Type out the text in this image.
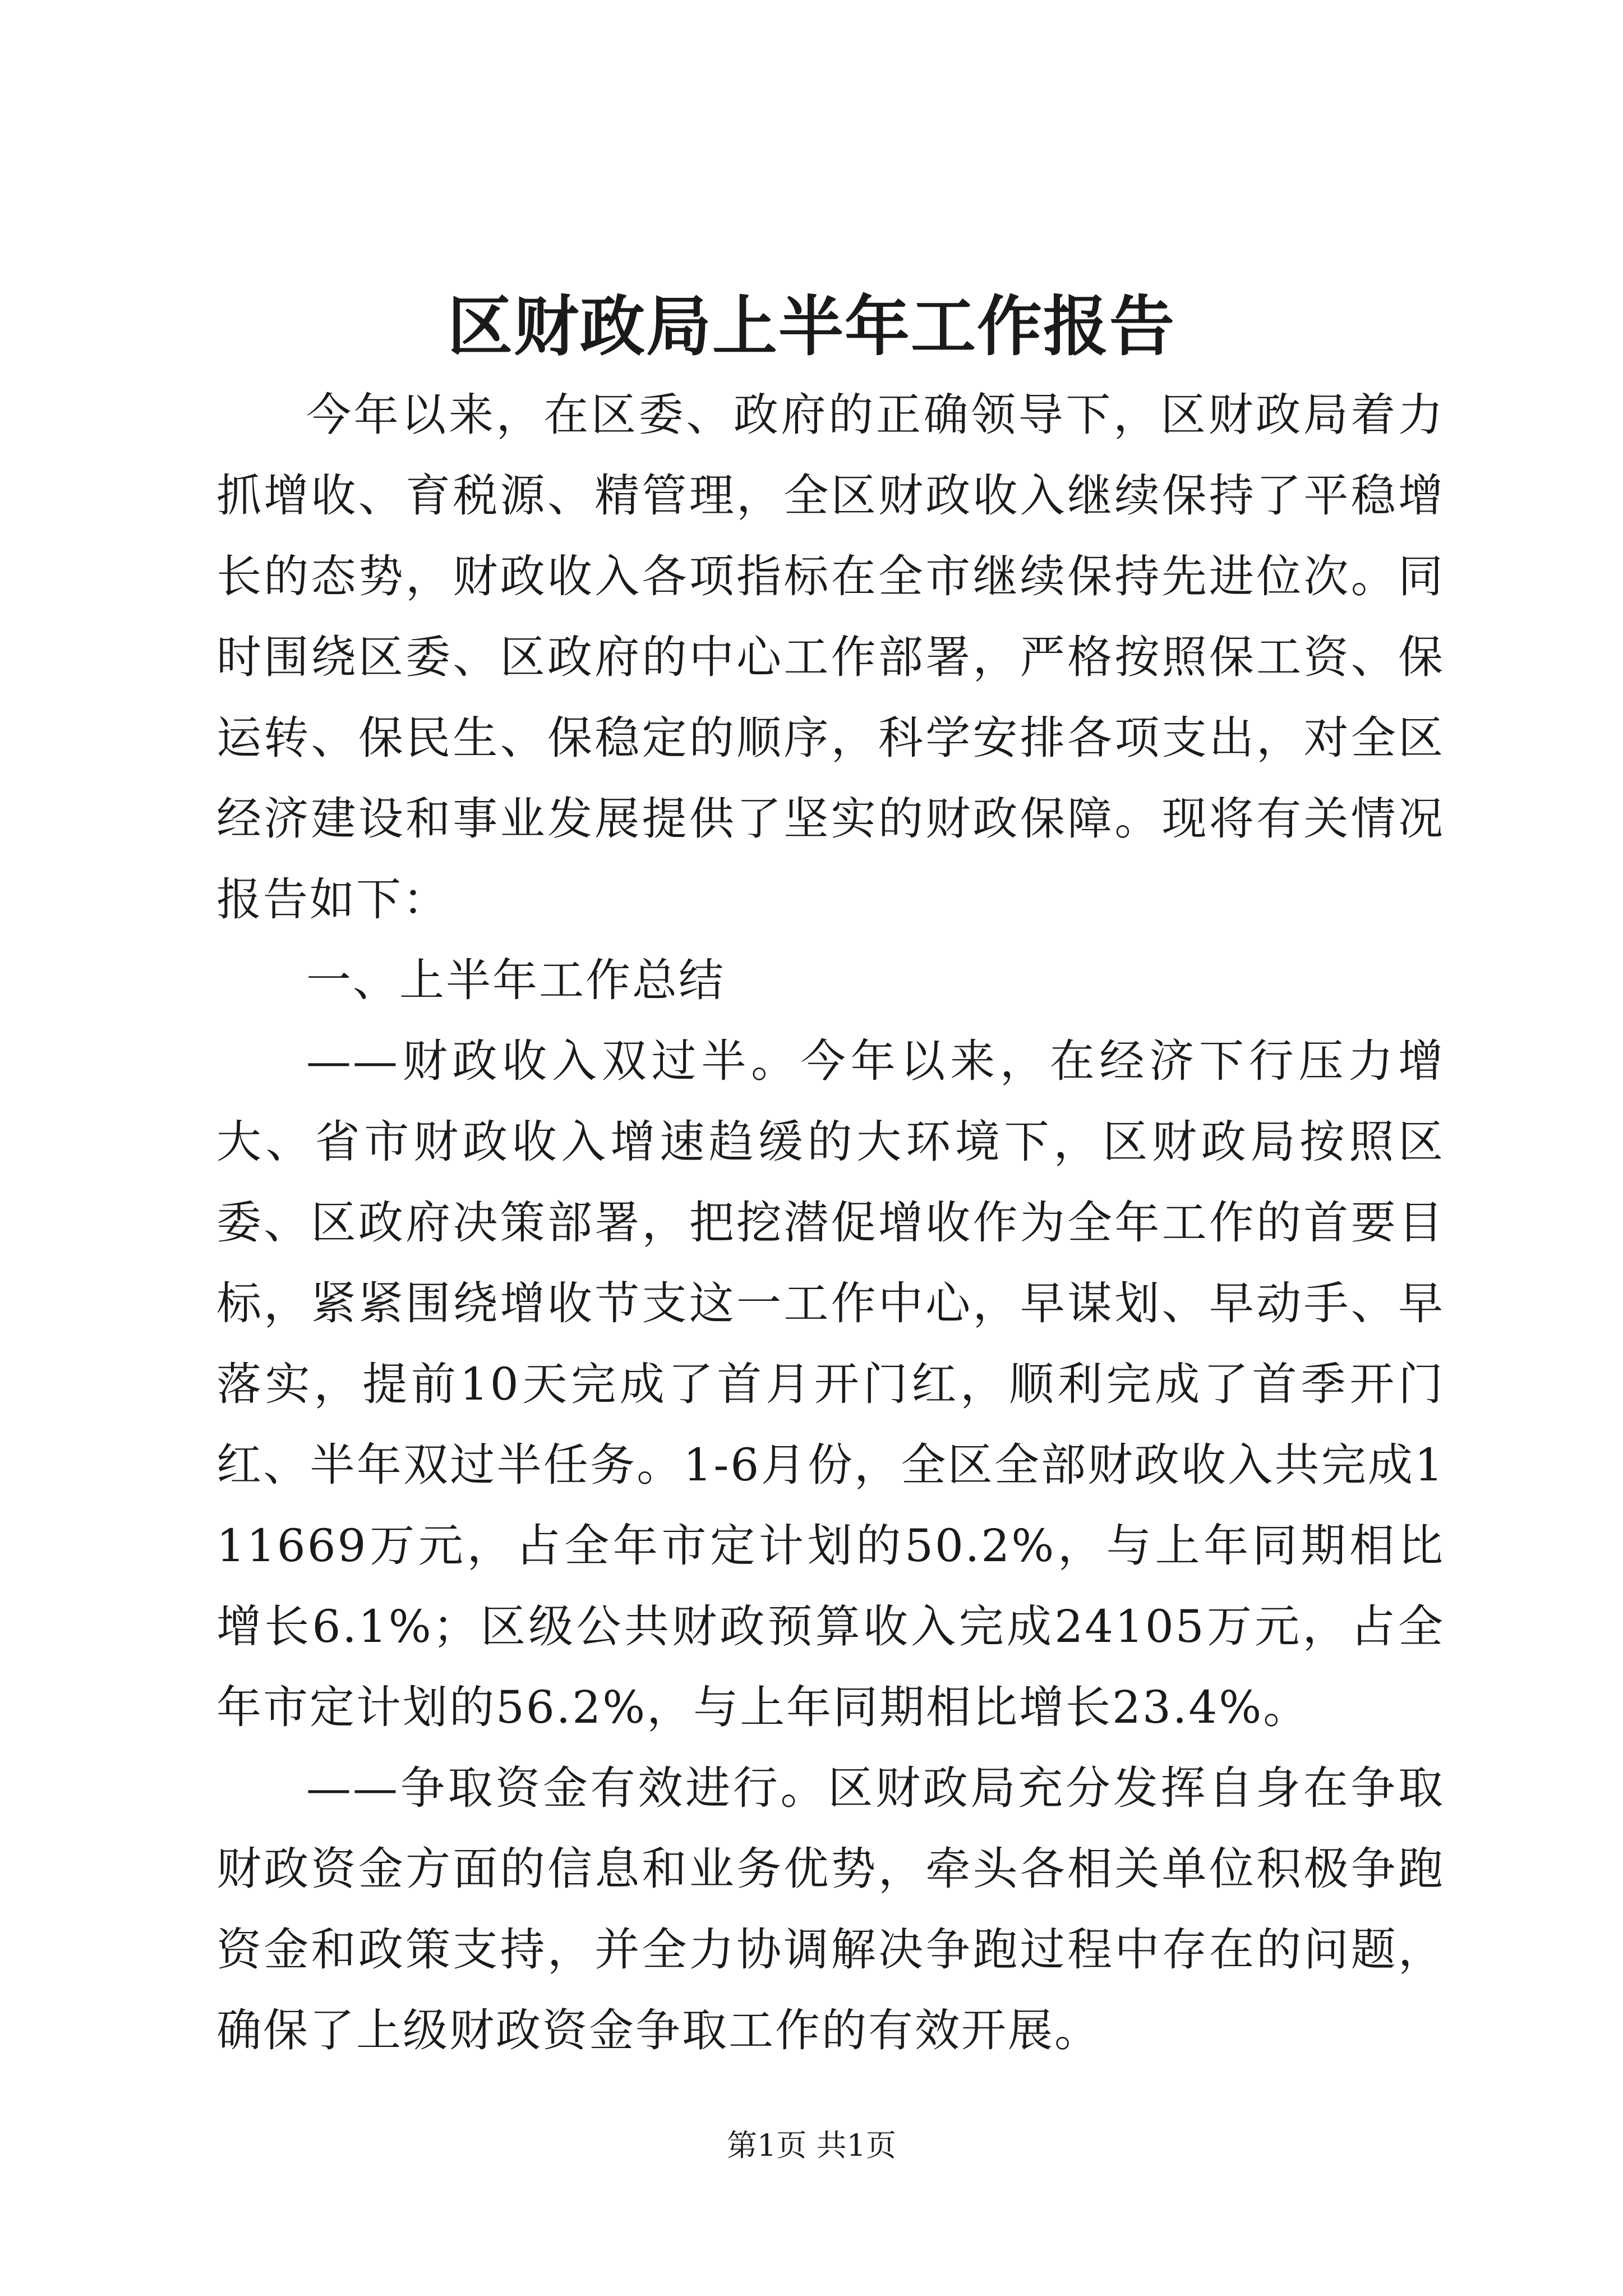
区财政局上半年工作报告

今年以来，在区委、政府的正确领导下，区财政局着力抓增收、育税源、精管理，全区财政收入继续保持了平稳增长的态势，财政收入各项指标在全市继续保持先进位次。同时围绕区委、区政府的中心工作部署，严格按照保工资、保运转、保民生、保稳定的顺序，科学安排各项支出，对全区经济建设和事业发展提供了坚实的财政保障。现将有关情况报告如下：

一、上半年工作总结

——财政收入双过半。今年以来，在经济下行压力增大、省市财政收入增速趋缓的大环境下，区财政局按照区委、区政府决策部署，把挖潜促增收作为全年工作的首要目标，紧紧围绕增收节支这一工作中心，早谋划、早动手、早落实，提前10天完成了首月开门红，顺利完成了首季开门红、半年双过半任务。1-6月份，全区全部财政收入共完成111669万元，占全年市定计划的50.2%，与上年同期相比增长6.1%；区级公共财政预算收入完成24105万元，占全年市定计划的56.2%，与上年同期相比增长23.4%。

——争取资金有效进行。区财政局充分发挥自身在争取财政资金方面的信息和业务优势，牵头各相关单位积极争跑资金和政策支持，并全力协调解决争跑过程中存在的问题，确保了上级财政资金争取工作的有效开展。

第1页 共1页
